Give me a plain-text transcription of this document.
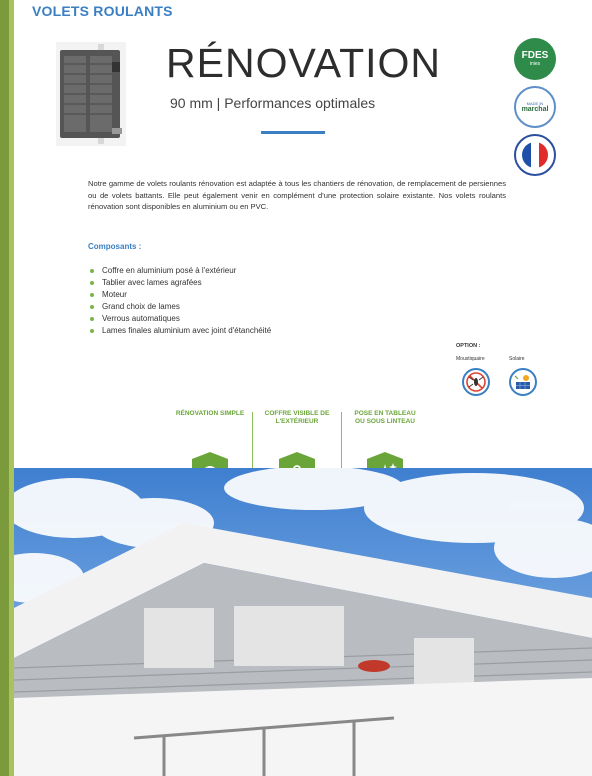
VOLETS ROULANTS
RÉNOVATION
90 mm | Performances optimales
FDES
inies
MADE IN
marchal

Notre gamme de volets roulants rénovation est adaptée à tous les chantiers de rénovation, de remplacement de persiennes ou de volets battants. Elle peut également venir en complément d'une protection solaire existante. Nos volets roulants rénovation sont disponibles en aluminium ou en PVC.

Composants :
Coffre en aluminium posé à l'extérieur
Tablier avec lames agrafées
Moteur
Grand choix de lames
Verrous automatiques
Lames finales aluminium avec joint d'étanchéité
OPTION :
Moustiquaire	Solaire
RÉNOVATION SIMPLE	COFFRE VISIBLE DE L'EXTÉRIEUR
POSE EN TABLEAU OU SOUS LINTEAU
